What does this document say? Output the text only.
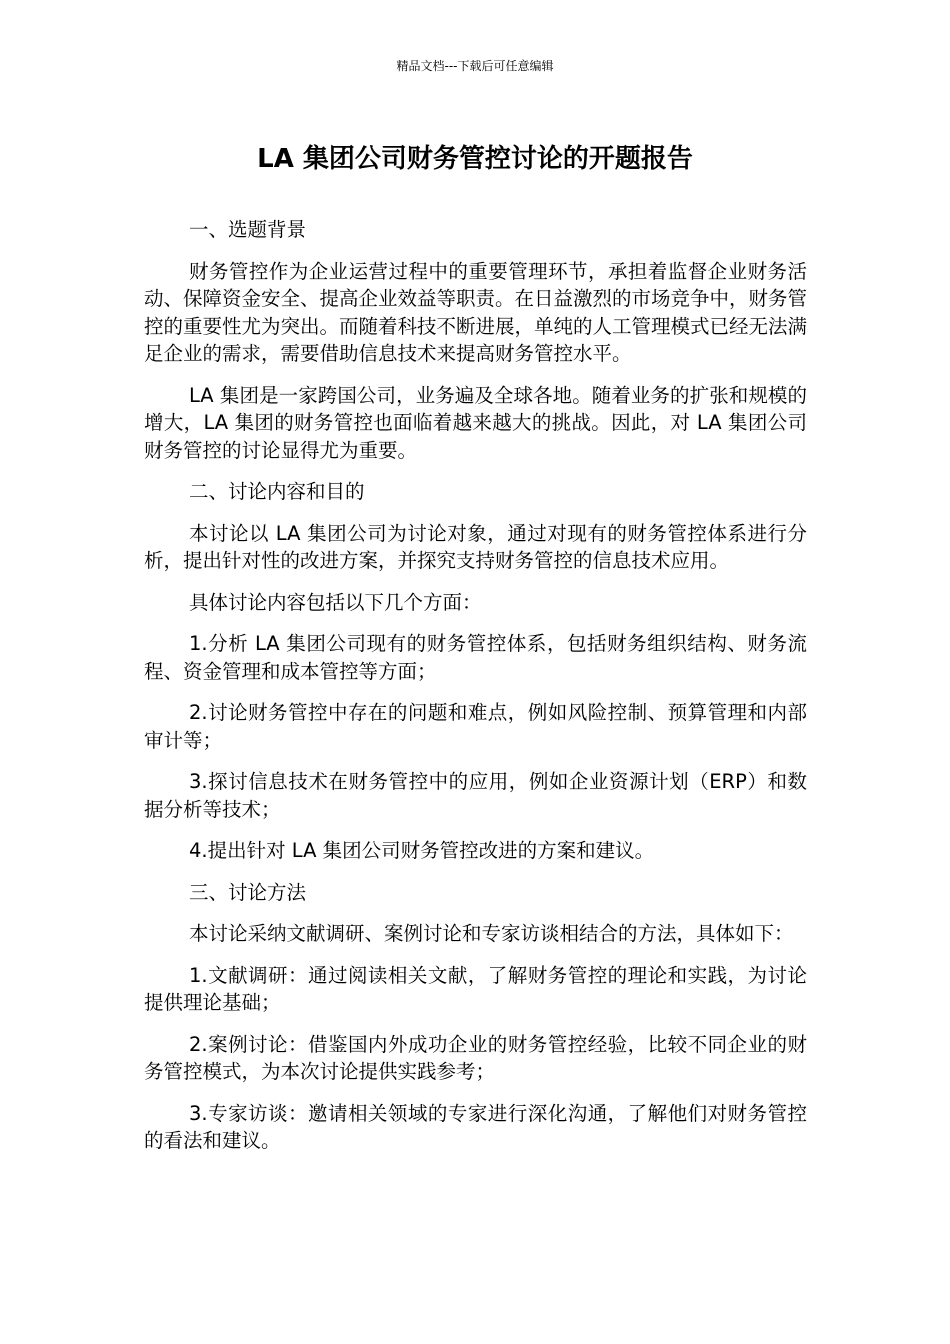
精品文档---下载后可任意编辑
LA 集团公司财务管控讨论的开题报告

一、选题背景

财务管控作为企业运营过程中的重要管理环节，承担着监督企业财务活动、保障资金安全、提高企业效益等职责。在日益激烈的市场竞争中，财务管控的重要性尤为突出。而随着科技不断进展，单纯的人工管理模式已经无法满足企业的需求，需要借助信息技术来提高财务管控水平。

LA 集团是一家跨国公司，业务遍及全球各地。随着业务的扩张和规模的增大，LA 集团的财务管控也面临着越来越大的挑战。因此，对 LA 集团公司财务管控的讨论显得尤为重要。

二、讨论内容和目的

本讨论以 LA 集团公司为讨论对象，通过对现有的财务管控体系进行分析，提出针对性的改进方案，并探究支持财务管控的信息技术应用。

具体讨论内容包括以下几个方面：

1.分析 LA 集团公司现有的财务管控体系，包括财务组织结构、财务流程、资金管理和成本管控等方面；

2.讨论财务管控中存在的问题和难点，例如风险控制、预算管理和内部审计等；

3.探讨信息技术在财务管控中的应用，例如企业资源计划（ERP）和数据分析等技术；

4.提出针对 LA 集团公司财务管控改进的方案和建议。

三、讨论方法

本讨论采纳文献调研、案例讨论和专家访谈相结合的方法，具体如下：

1.文献调研：通过阅读相关文献，了解财务管控的理论和实践，为讨论提供理论基础；

2.案例讨论：借鉴国内外成功企业的财务管控经验，比较不同企业的财务管控模式，为本次讨论提供实践参考；

3.专家访谈：邀请相关领域的专家进行深化沟通，了解他们对财务管控的看法和建议。
